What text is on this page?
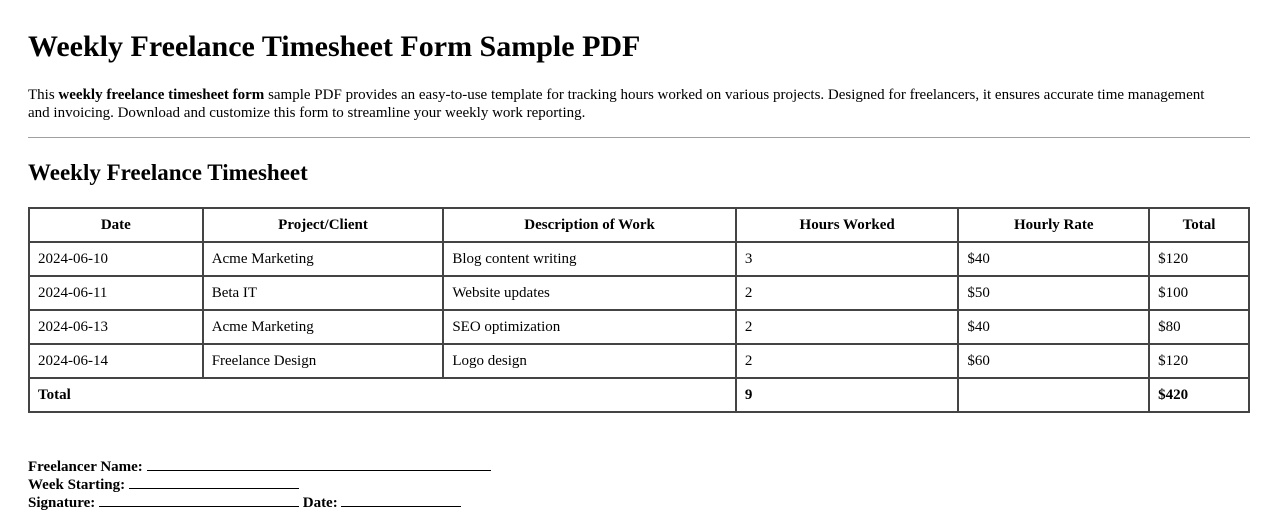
Weekly Freelance Timesheet Form Sample PDF
This weekly freelance timesheet form sample PDF provides an easy-to-use template for tracking hours worked on various projects. Designed for freelancers, it ensures accurate time management and invoicing. Download and customize this form to streamline your weekly work reporting.
Weekly Freelance Timesheet
Date	Project/Client	Description of Work	Hours Worked	Hourly Rate	Total
2024-06-10	Acme Marketing	Blog content writing	3	$40	$120
2024-06-11	Beta IT	Website updates	2	$50	$100
2024-06-13	Acme Marketing	SEO optimization	2	$40	$80
2024-06-14	Freelance Design	Logo design	2	$60	$120
Total			9		$420
Freelancer Name:
Week Starting:
Signature:	Date:
